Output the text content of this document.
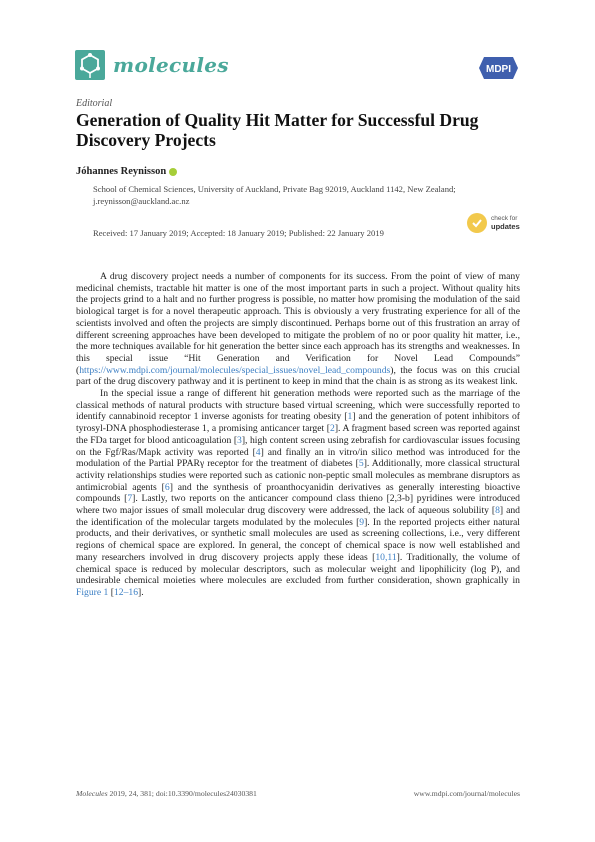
molecules	MDPI
Editorial
Generation of Quality Hit Matter for Successful Drug Discovery Projects
Jóhannes Reynisson
School of Chemical Sciences, University of Auckland, Private Bag 92019, Auckland 1142, New Zealand; j.reynisson@auckland.ac.nz
Received: 17 January 2019; Accepted: 18 January 2019; Published: 22 January 2019
check for
updates

A drug discovery project needs a number of components for its success. From the point of view of many medicinal chemists, tractable hit matter is one of the most important parts in such a project. Without quality hits the projects grind to a halt and no further progress is possible, no matter how promising the modulation of the said biological target is for a novel therapeutic approach. This is obviously a very frustrating experience for all of the scientists involved and often the projects are simply discontinued. Perhaps borne out of this frustration an array of different screening approaches have been developed to mitigate the problem of no or poor quality hit matter, i.e., the more techniques available for hit generation the better since each approach has its strengths and weaknesses. In this special issue “Hit Generation and Verification for Novel Lead Compounds” (https://www.mdpi.com/journal/molecules/special_issues/novel_lead_compounds), the focus was on this crucial part of the drug discovery pathway and it is pertinent to keep in mind that the chain is as strong as its weakest link.

In the special issue a range of different hit generation methods were reported such as the marriage of the classical methods of natural products with structure based virtual screening, which were successfully reported to identify cannabinoid receptor 1 inverse agonists for treating obesity [1] and the generation of potent inhibitors of tyrosyl-DNA phosphodiesterase 1, a promising anticancer target [2]. A fragment based screen was reported against the FDa target for blood anticoagulation [3], high content screen using zebrafish for cardiovascular issues focusing on the Fgf/Ras/Mapk activity was reported [4] and finally an in vitro/in silico method was introduced for the modulation of the Partial PPARγ receptor for the treatment of diabetes [5]. Additionally, more classical structural activity relationships studies were reported such as cationic non-peptic small molecules as membrane disruptors as antimicrobial agents [6] and the synthesis of proanthocyanidin derivatives as generally interesting bioactive compounds [7]. Lastly, two reports on the anticancer compound class thieno [2,3-b] pyridines were introduced where two major issues of small molecular drug discovery were addressed, the lack of aqueous solubility [8] and the identification of the molecular targets modulated by the molecules [9]. In the reported projects either natural products, and their derivatives, or synthetic small molecules are used as screening collections, i.e., very different regions of chemical space are explored. In general, the concept of chemical space is now well established and many researchers involved in drug discovery projects apply these ideas [10,11]. Traditionally, the volume of chemical space is reduced by molecular descriptors, such as molecular weight and lipophilicity (log P), and undesirable chemical moieties where molecules are excluded from further consideration, shown graphically in Figure 1 [12–16].

Molecules 2019, 24, 381; doi:10.3390/molecules24030381	www.mdpi.com/journal/molecules
